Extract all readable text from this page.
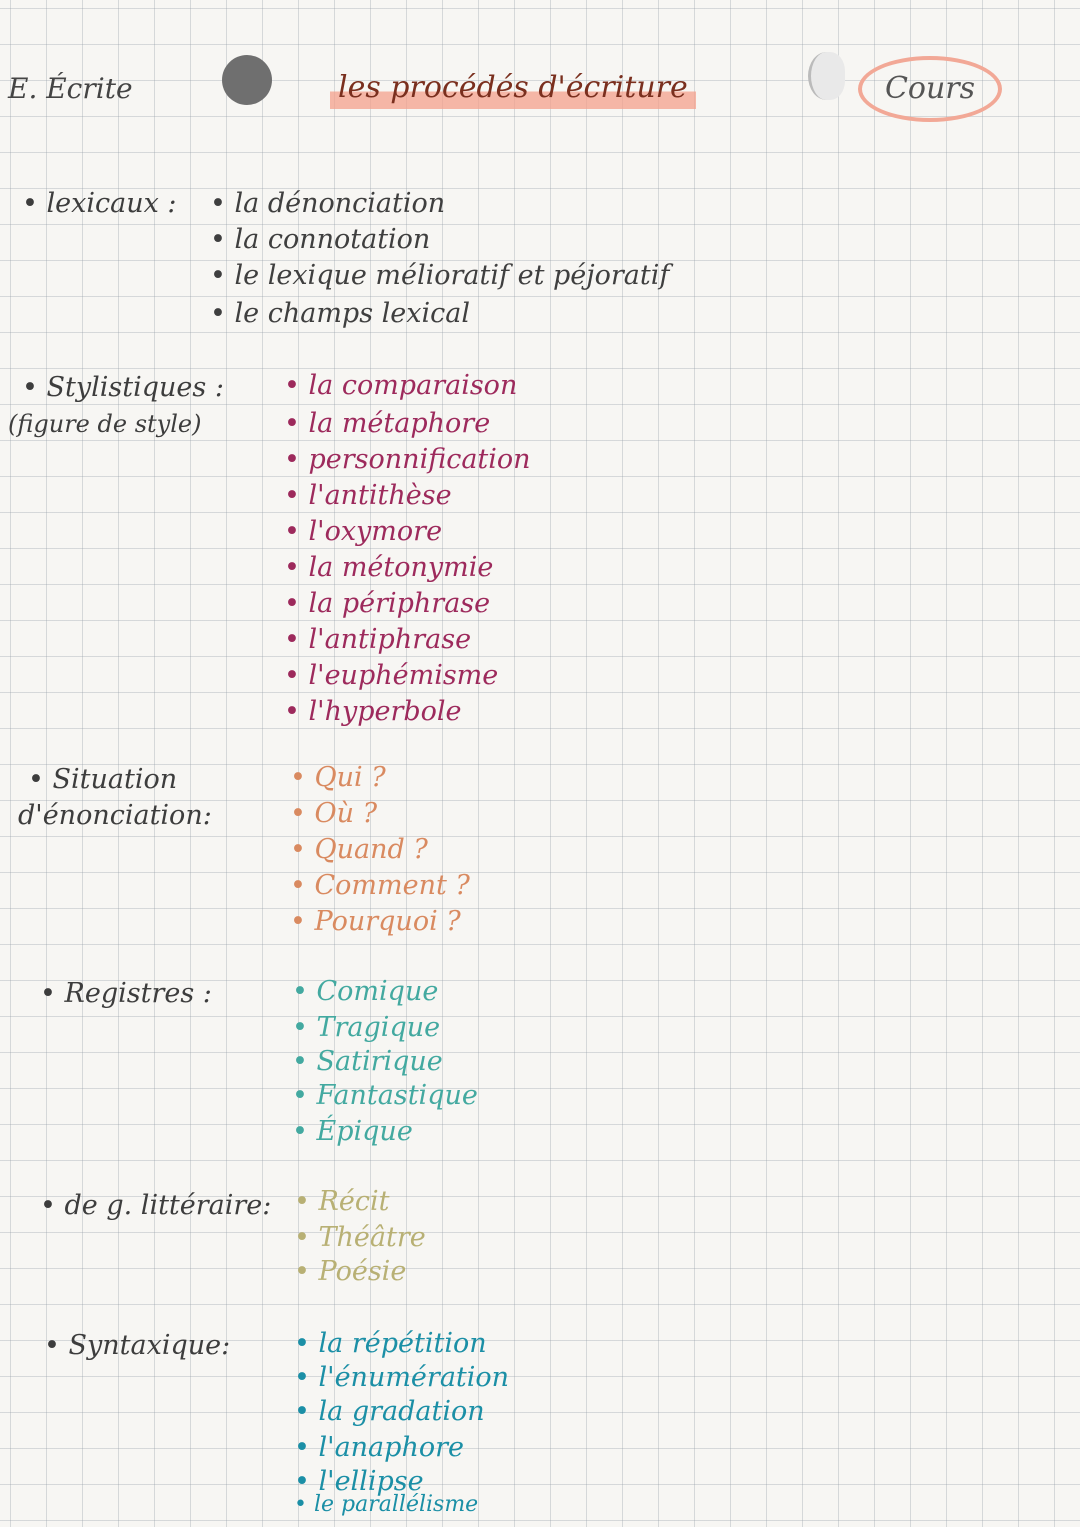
E. Écrite	les procédés d'écriture	Cours
• lexicaux :	• la dénonciation
• la connotation
• le lexique mélioratif et péjoratif
• le champs lexical
• Stylistiques :
(figure de style)
• la comparaison
• la métaphore
• personnification
• l'antithèse
• l'oxymore
• la métonymie
• la périphrase
• l'antiphrase
• l'euphémisme
• l'hyperbole
• Situation
d'énonciation:
• Qui ?
• Où ?
• Quand ?
• Comment ?
• Pourquoi ?
• Registres :	• Comique
• Tragique
• Satirique
• Fantastique
• Épique
• de g. littéraire:	• Récit
• Théâtre
• Poésie
• Syntaxique:	• la répétition
• l'énumération
• la gradation
• l'anaphore
• l'ellipse
• le parallélisme
